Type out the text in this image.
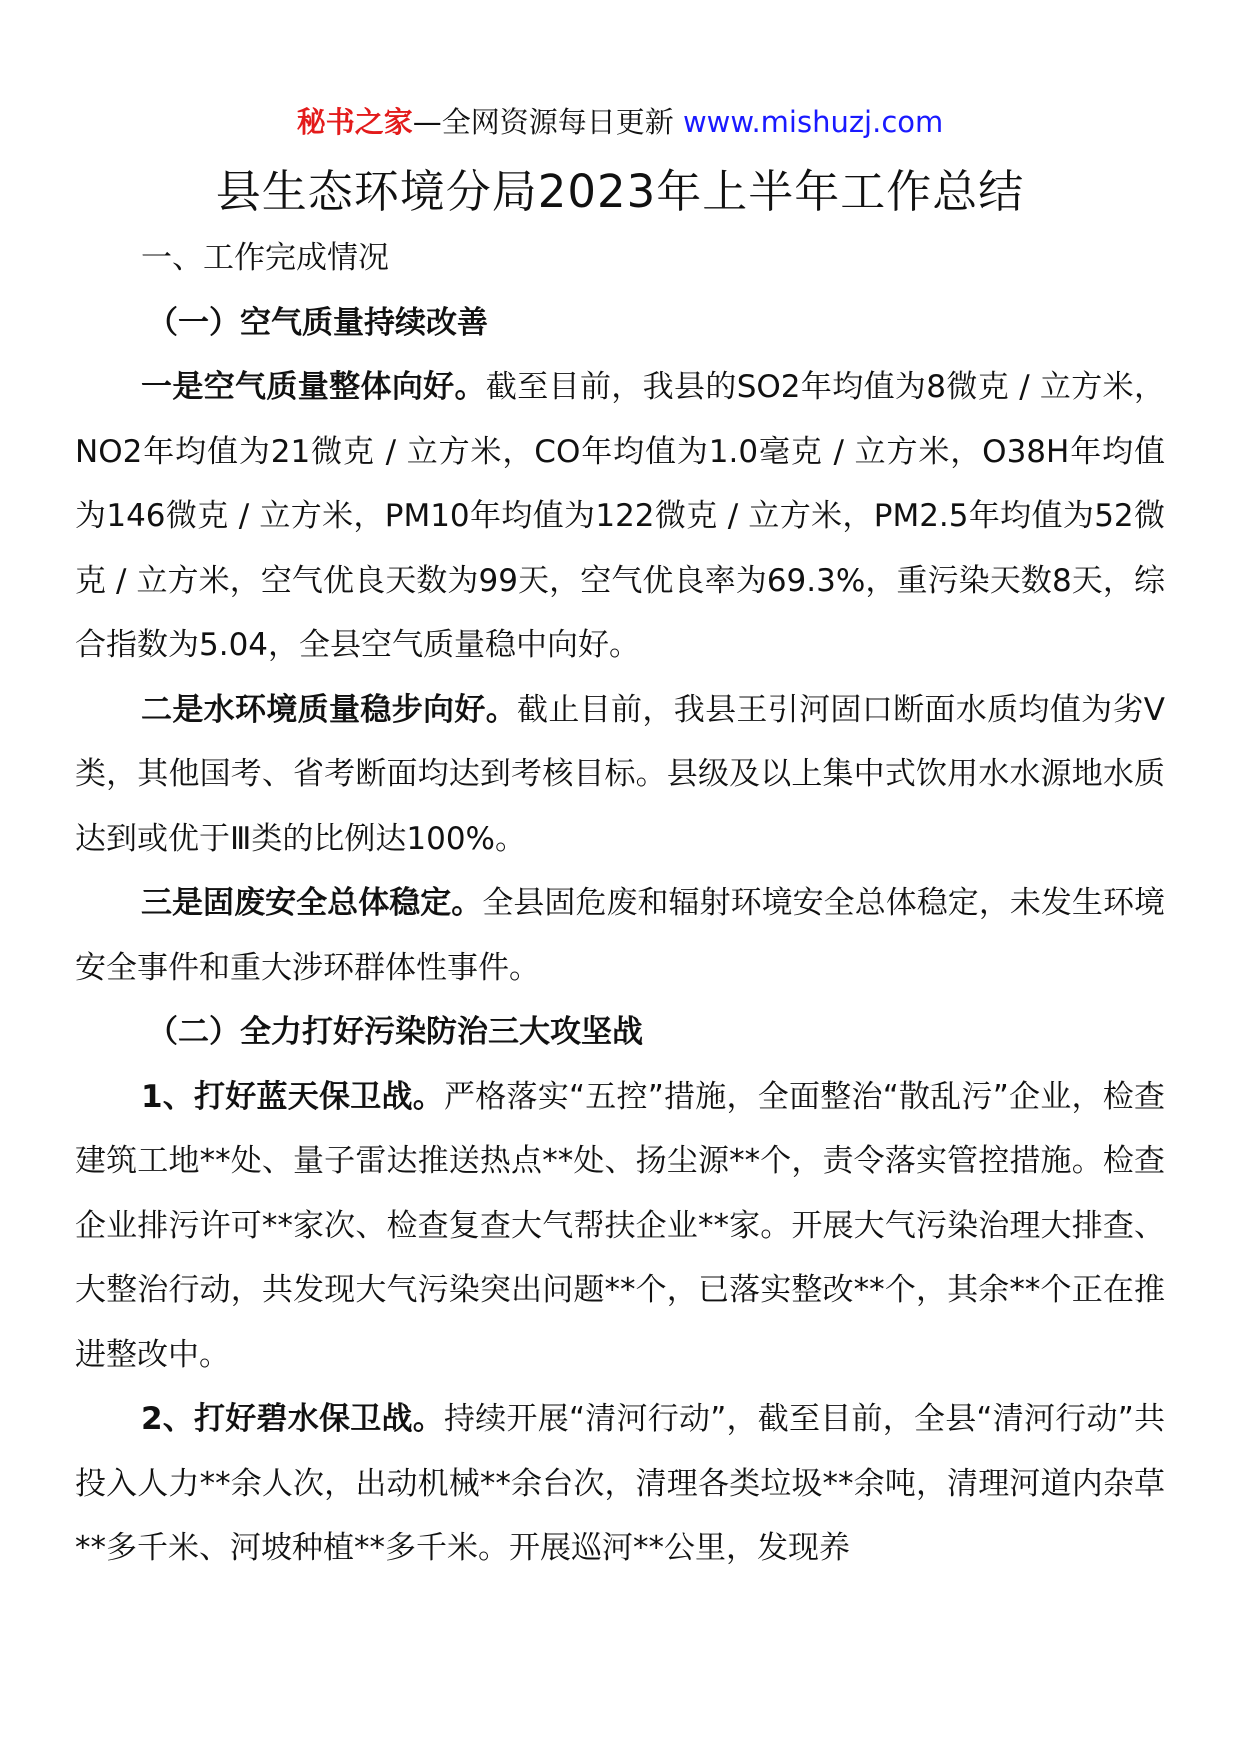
秘书之家—全网资源每日更新 www.mishuzj.com
县生态环境分局2023年上半年工作总结

一、工作完成情况

（一）空气质量持续改善

一是空气质量整体向好。截至目前，我县的SO2年均值为8微克 / 立方米，NO2年均值为21微克 / 立方米，CO年均值为1.0毫克 / 立方米，O38H年均值为146微克 / 立方米，PM10年均值为122微克 / 立方米，PM2.5年均值为52微克 / 立方米，空气优良天数为99天，空气优良率为69.3%，重污染天数8天，综合指数为5.04，全县空气质量稳中向好。

二是水环境质量稳步向好。截止目前，我县王引河固口断面水质均值为劣Ⅴ类，其他国考、省考断面均达到考核目标。县级及以上集中式饮用水水源地水质达到或优于Ⅲ类的比例达100%。

三是固废安全总体稳定。全县固危废和辐射环境安全总体稳定，未发生环境安全事件和重大涉环群体性事件。

（二）全力打好污染防治三大攻坚战

1、打好蓝天保卫战。严格落实“五控”措施，全面整治“散乱污”企业，检查建筑工地**处、量子雷达推送热点**处、扬尘源**个，责令落实管控措施。检查企业排污许可**家次、检查复查大气帮扶企业**家。开展大气污染治理大排查、大整治行动，共发现大气污染突出问题**个，已落实整改**个，其余**个正在推进整改中。

2、打好碧水保卫战。持续开展“清河行动”，截至目前，全县“清河行动”共投入人力**余人次，出动机械**余台次，清理各类垃圾**余吨，清理河道内杂草**多千米、河坡种植**多千米。开展巡河**公里，发现养
